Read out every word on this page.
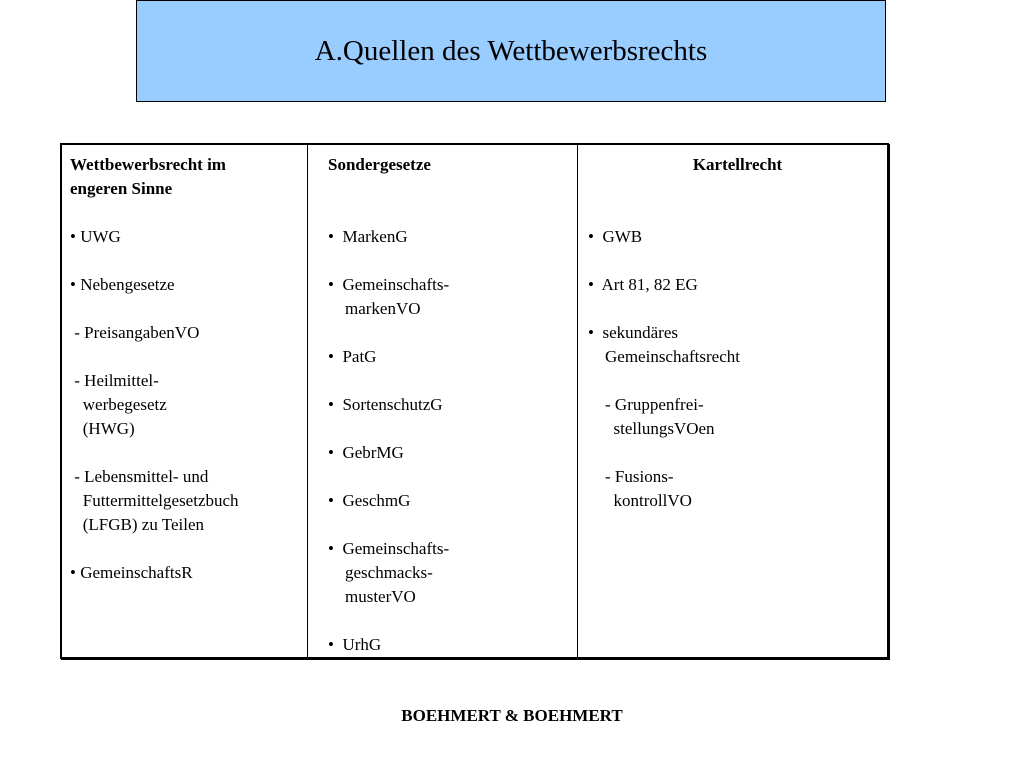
A.Quellen des Wettbewerbsrechts
Wettbewerbsrecht im
engeren Sinne
• UWG
• Nebengesetze
- PreisangabenVO
- Heilmittel-
werbegesetz
(HWG)
- Lebensmittel- und
Futtermittelgesetzbuch
(LFGB) zu Teilen
• GemeinschaftsR
Sondergesetze
•  MarkenG
•  Gemeinschafts-
markenVO
•  PatG
•  SortenschutzG
•  GebrMG
•  GeschmG
•  Gemeinschafts-
geschmacks-
musterVO
•  UrhG
Kartellrecht
•  GWB
•  Art 81, 82 EG
•  sekundäres
Gemeinschaftsrecht
- Gruppenfrei-
stellungsVOen
- Fusions-
kontrollVO
BOEHMERT & BOEHMERT
